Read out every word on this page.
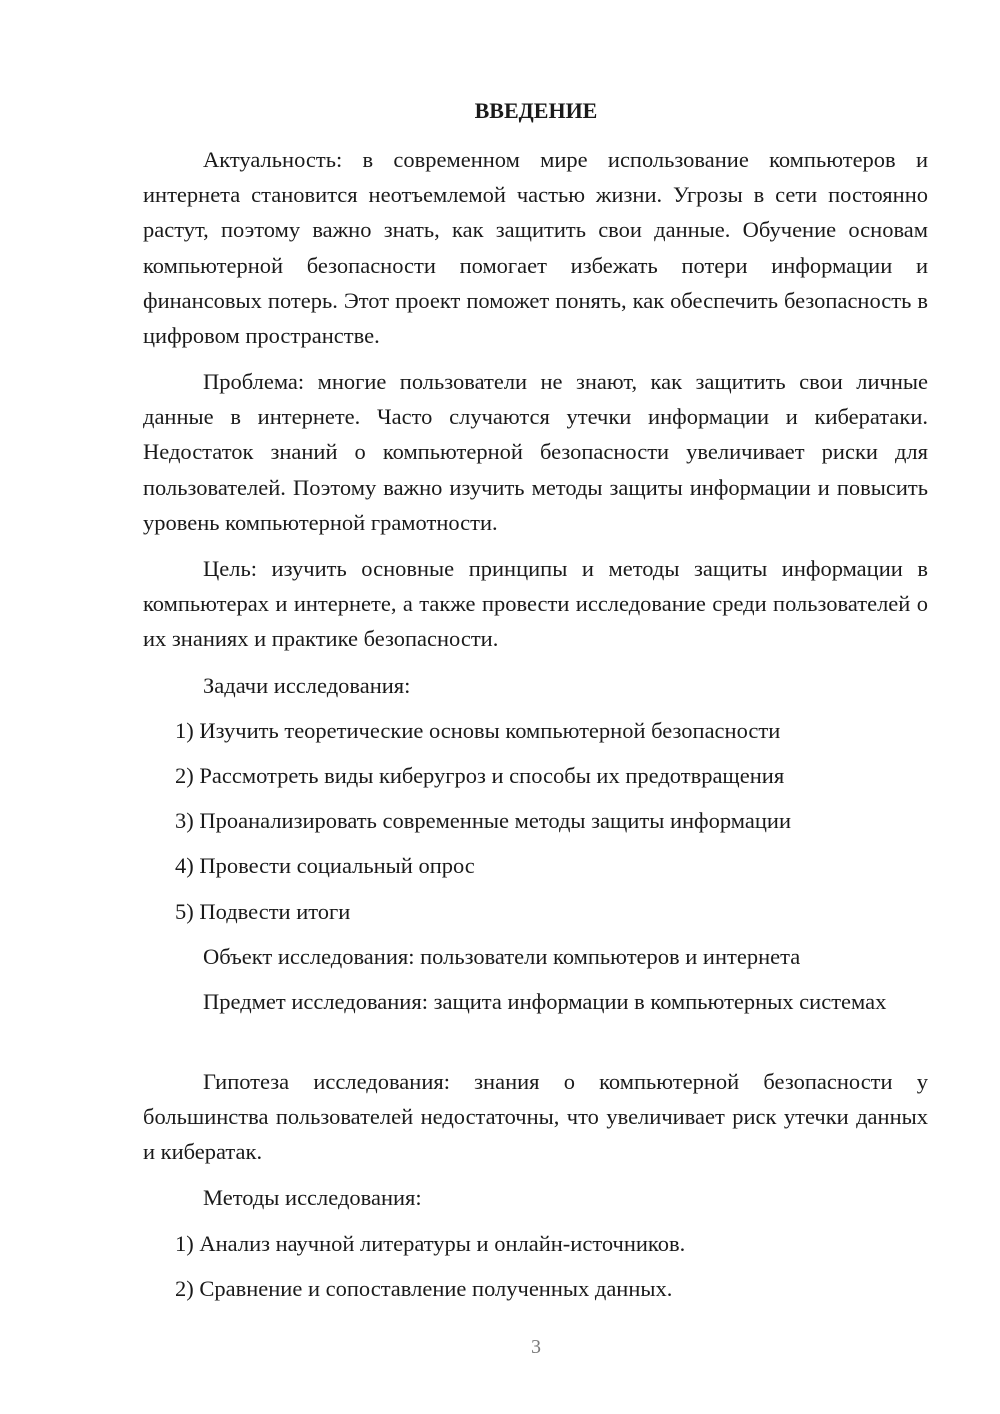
ВВЕДЕНИЕ

Актуальность: в современном мире использование компьютеров и интернета становится неотъемлемой частью жизни. Угрозы в сети постоянно растут, поэтому важно знать, как защитить свои данные. Обучение основам компьютерной безопасности помогает избежать потери информации и финансовых потерь. Этот проект поможет понять, как обеспечить безопасность в цифровом пространстве.

Проблема: многие пользователи не знают, как защитить свои личные данные в интернете. Часто случаются утечки информации и кибератаки. Недостаток знаний о компьютерной безопасности увеличивает риски для пользователей. Поэтому важно изучить методы защиты информации и повысить уровень компьютерной грамотности.

Цель: изучить основные принципы и методы защиты информации в компьютерах и интернете, а также провести исследование среди пользователей о их знаниях и практике безопасности.

Задачи исследования:

1) Изучить теоретические основы компьютерной безопасности

2) Рассмотреть виды киберугроз и способы их предотвращения

3) Проанализировать современные методы защиты информации

4) Провести социальный опрос

5) Подвести итоги

Объект исследования: пользователи компьютеров и интернета

Предмет исследования: защита информации в компьютерных системах

Гипотеза исследования: знания о компьютерной безопасности у большинства пользователей недостаточны, что увеличивает риск утечки данных и кибератак.

Методы исследования:

1) Анализ научной литературы и онлайн-источников.

2) Сравнение и сопоставление полученных данных.

3
